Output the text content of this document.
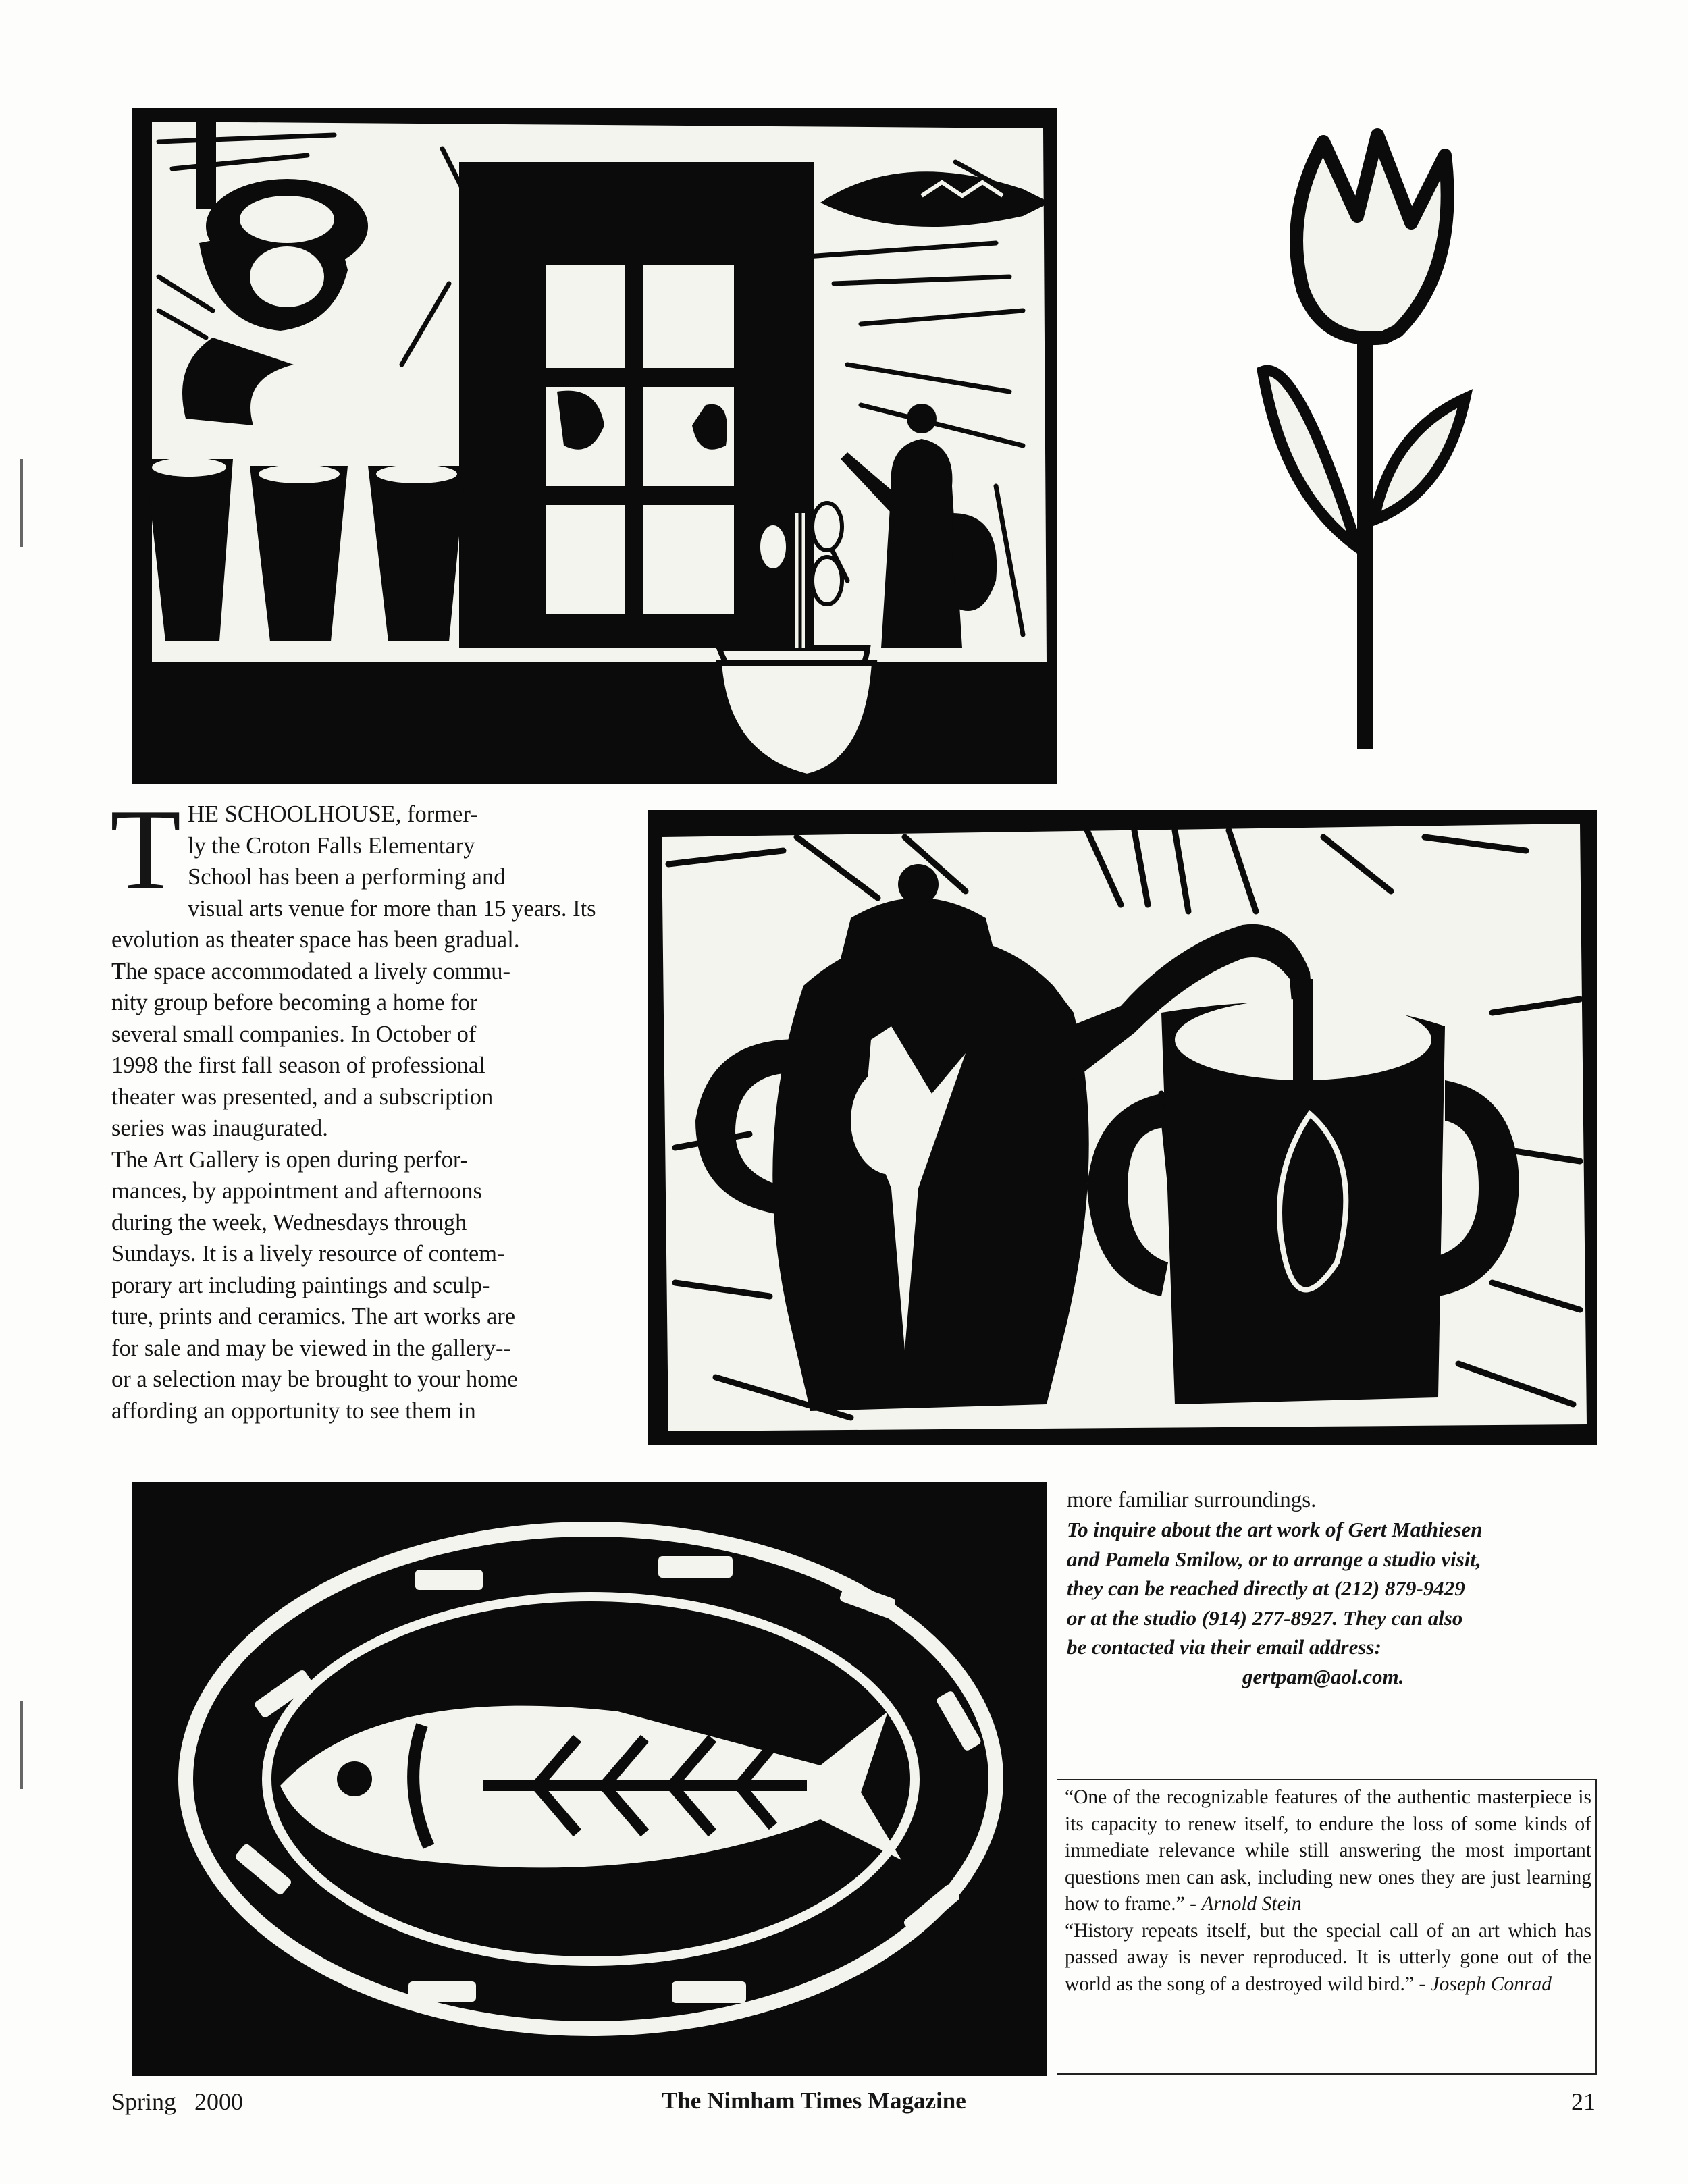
T HE SCHOOLHOUSE, former-

ly the Croton Falls Elementary

School has been a performing and

visual arts venue for more than 15 years. Its

evolution as theater space has been gradual.

The space accommodated a lively commu-

nity group before becoming a home for

several small companies. In October of

1998 the first fall season of professional

theater was presented, and a subscription

series was inaugurated.

The Art Gallery is open during perfor-

mances, by appointment and afternoons

during the week, Wednesdays through

Sundays. It is a lively resource of contem-

porary art including paintings and sculp-

ture, prints and ceramics. The art works are

for sale and may be viewed in the gallery--

or a selection may be brought to your home

affording an opportunity to see them in

more familiar surroundings.

To inquire about the art work of Gert Mathiesen

and Pamela Smilow, or to arrange a studio visit,

they can be reached directly at (212) 879-9429

or at the studio (914) 277-8927. They can also

be contacted via their email address:

gertpam@aol.com.

“One of the recognizable features of the authentic masterpiece is its capacity to renew itself, to endure the loss of some kinds of immediate relevance while still answering the most important questions men can ask, including new ones they are just learning how to frame.” - Arnold Stein

“History repeats itself, but the special call of an art which has passed away is never reproduced. It is utterly gone out of the world as the song of a destroyed wild bird.” - Joseph Conrad

Spring   2000	The Nimham Times Magazine	21
